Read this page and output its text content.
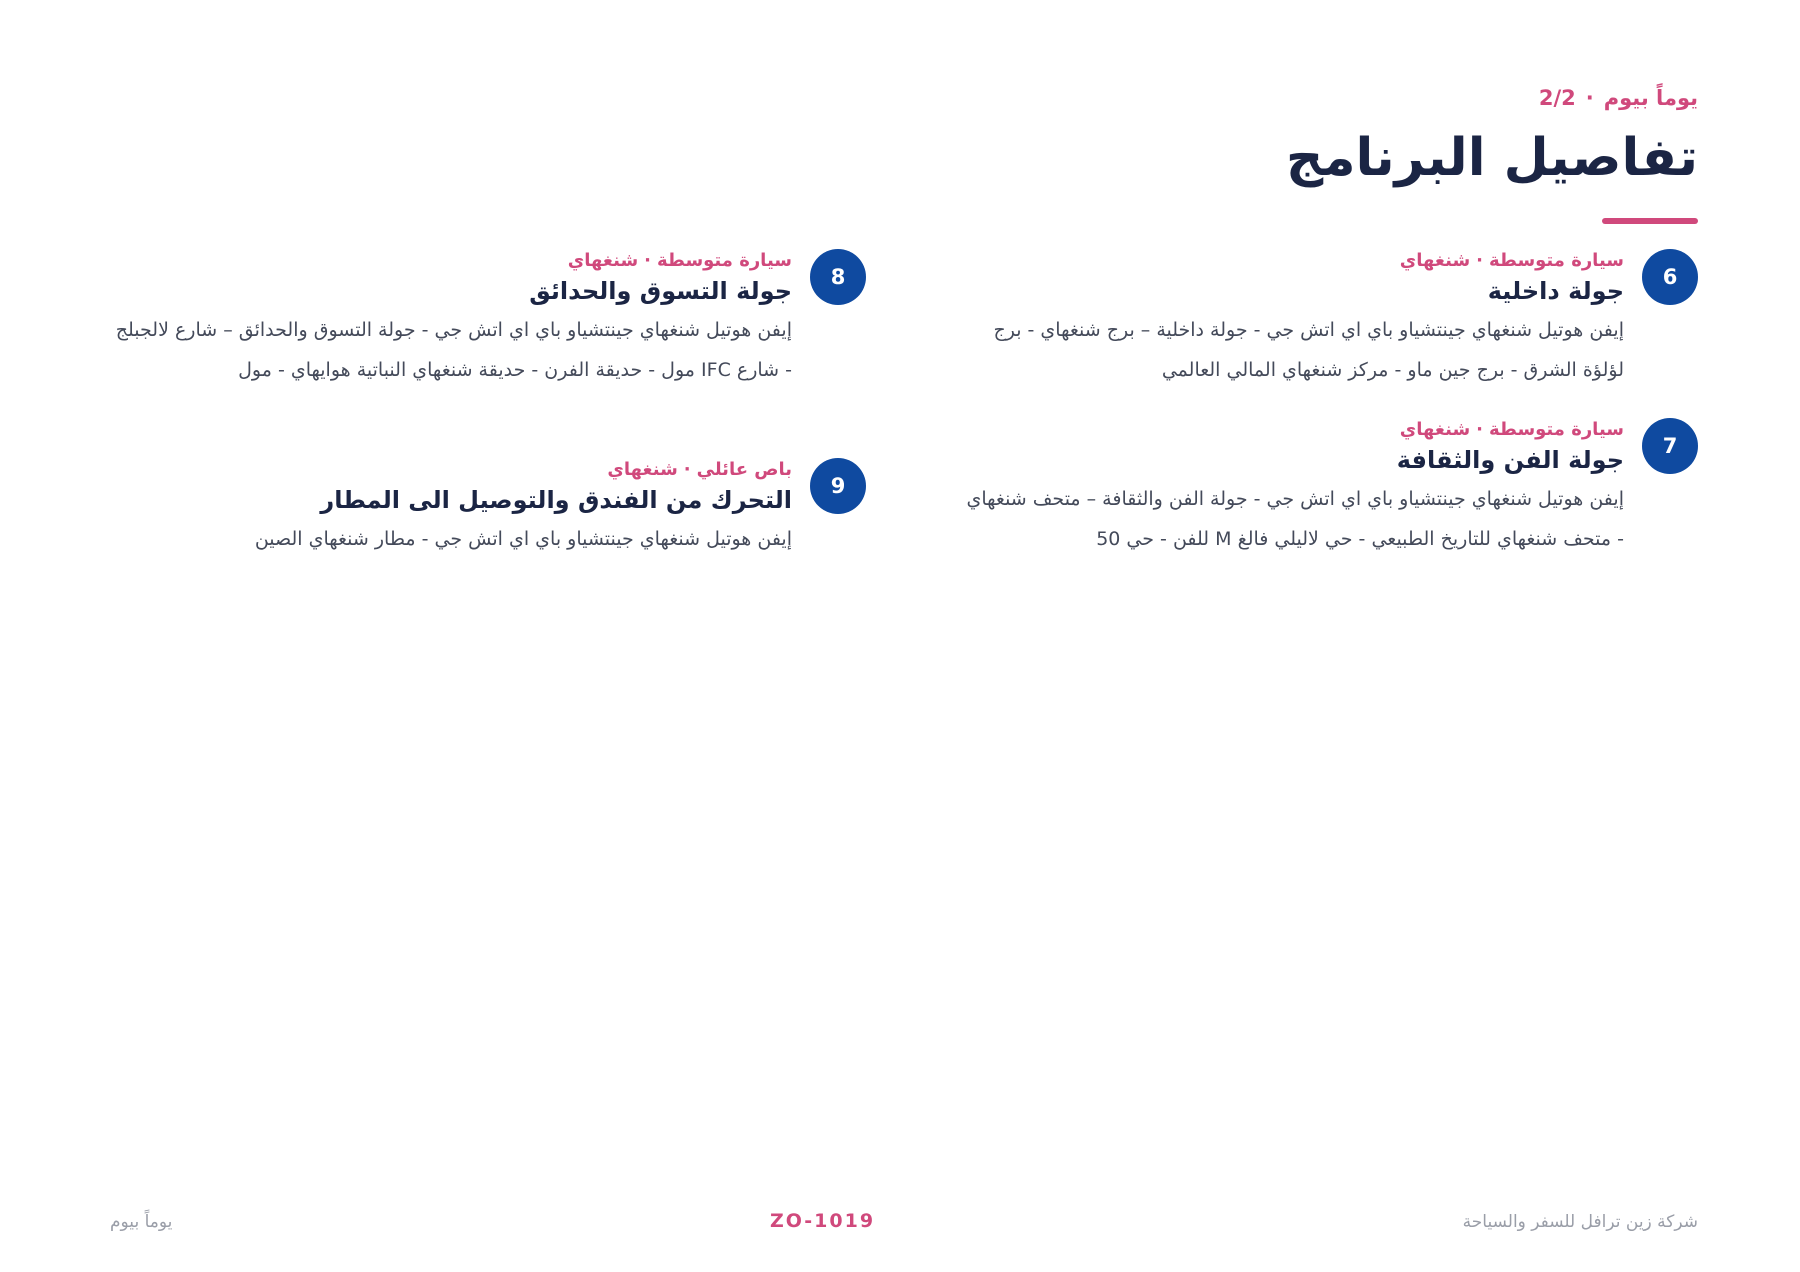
يوماً بيوم·2/2
تفاصيل البرنامج
6
سيارة متوسطة·شنغهاي
جولة داخلية
إيفن هوتيل شنغهاي جينتشياو باي اي اتش جي - جولة داخلية – برج شنغهاي - برج لؤلؤة الشرق - برج جين ماو - مركز شنغهاي المالي العالمي
7
سيارة متوسطة·شنغهاي
جولة الفن والثقافة
إيفن هوتيل شنغهاي جينتشياو باي اي اتش جي - جولة الفن والثقافة – متحف شنغهاي - متحف شنغهاي للتاريخ الطبيعي - حي لاليلي فالغ M للفن - حي 50
8
سيارة متوسطة·شنغهاي
جولة التسوق والحدائق
إيفن هوتيل شنغهاي جينتشياو باي اي اتش جي - جولة التسوق والحدائق – شارع لالجبلج - شارع IFC مول - حديقة الفرن - حديقة شنغهاي النباتية هوايهاي - مول
9
باص عائلي·شنغهاي
التحرك من الفندق والتوصيل الى المطار
إيفن هوتيل شنغهاي جينتشياو باي اي اتش جي - مطار شنغهاي الصين
شركة زين ترافل للسفر والسياحة
ZO-1019
يوماً بيوم
